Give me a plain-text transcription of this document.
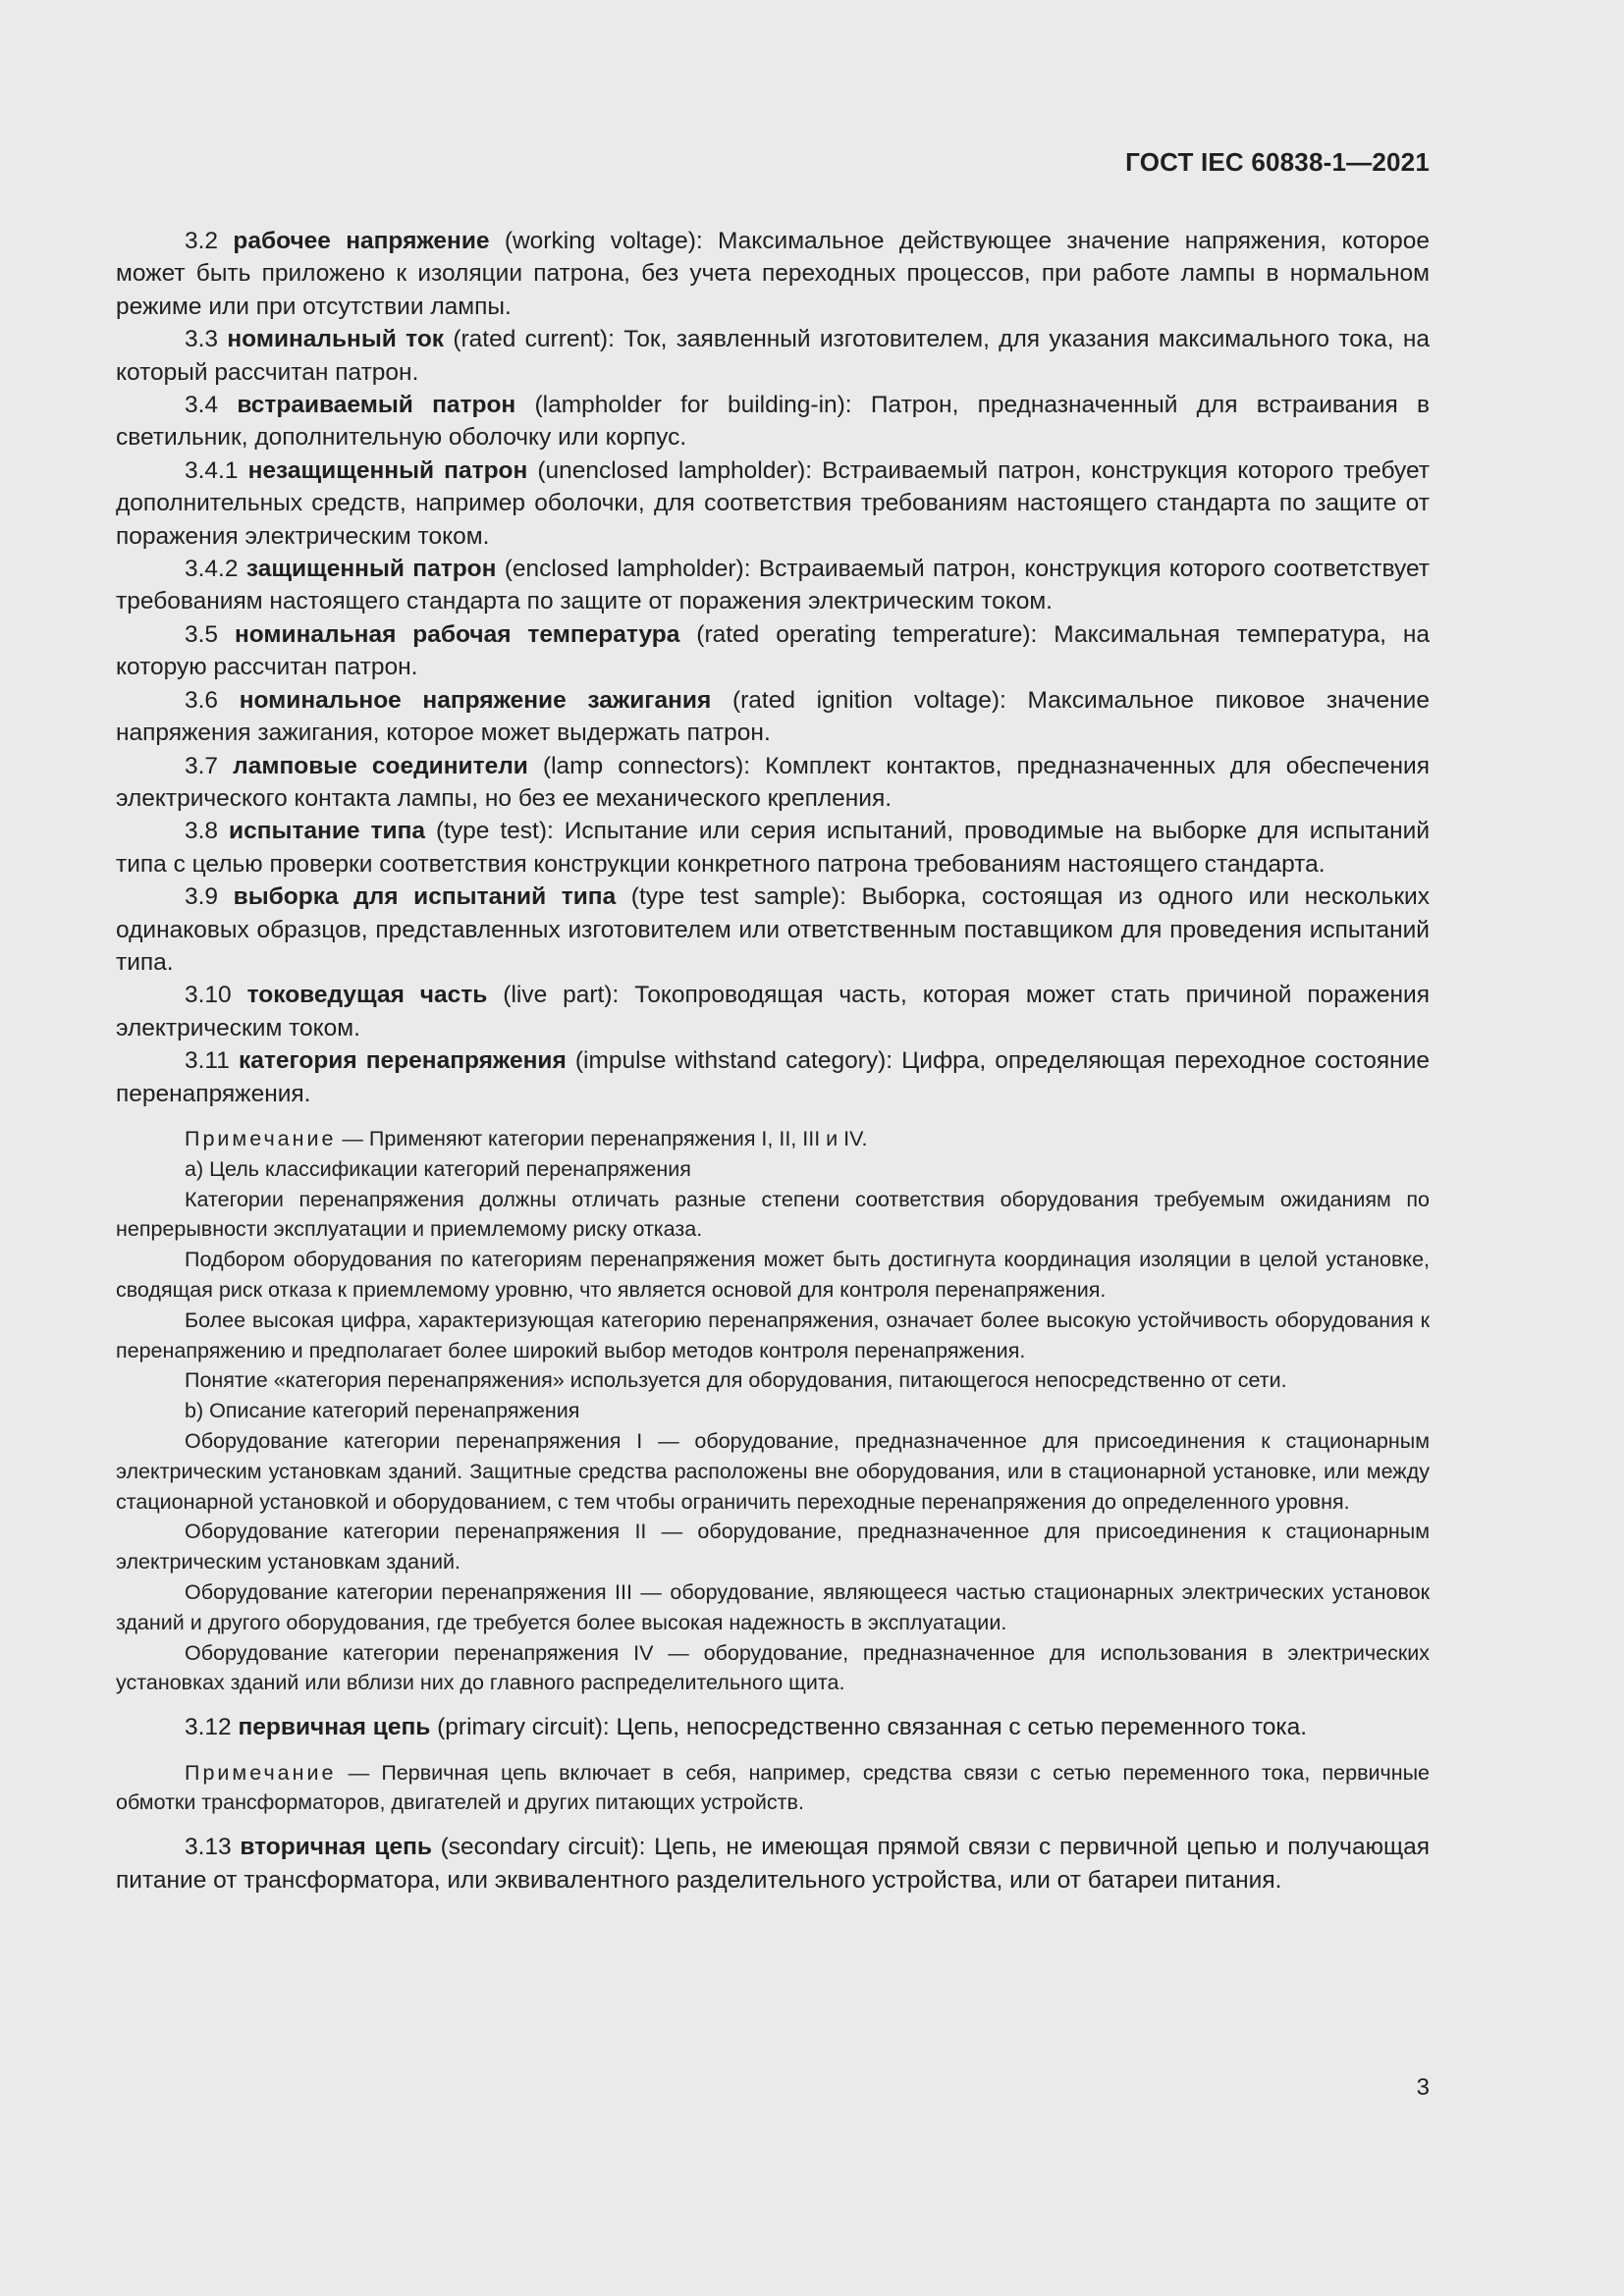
ГОСТ IEC 60838-1—2021

3.2 рабочее напряжение (working voltage): Максимальное действующее значение напряжения, которое может быть приложено к изоляции патрона, без учета переходных процессов, при работе лампы в нормальном режиме или при отсутствии лампы.

3.3 номинальный ток (rated current): Ток, заявленный изготовителем, для указания максимального тока, на который рассчитан патрон.

3.4 встраиваемый патрон (lampholder for building-in): Патрон, предназначенный для встраивания в светильник, дополнительную оболочку или корпус.

3.4.1 незащищенный патрон (unenclosed lampholder): Встраиваемый патрон, конструкция которого требует дополнительных средств, например оболочки, для соответствия требованиям настоящего стандарта по защите от поражения электрическим током.

3.4.2 защищенный патрон (enclosed lampholder): Встраиваемый патрон, конструкция которого соответствует требованиям настоящего стандарта по защите от поражения электрическим током.

3.5 номинальная рабочая температура (rated operating temperature): Максимальная температура, на которую рассчитан патрон.

3.6 номинальное напряжение зажигания (rated ignition voltage): Максимальное пиковое значение напряжения зажигания, которое может выдержать патрон.

3.7 ламповые соединители (lamp connectors): Комплект контактов, предназначенных для обеспечения электрического контакта лампы, но без ее механического крепления.

3.8 испытание типа (type test): Испытание или серия испытаний, проводимые на выборке для испытаний типа с целью проверки соответствия конструкции конкретного патрона требованиям настоящего стандарта.

3.9 выборка для испытаний типа (type test sample): Выборка, состоящая из одного или нескольких одинаковых образцов, представленных изготовителем или ответственным поставщиком для проведения испытаний типа.

3.10 токоведущая часть (live part): Токопроводящая часть, которая может стать причиной поражения электрическим током.

3.11 категория перенапряжения (impulse withstand category): Цифра, определяющая переходное состояние перенапряжения.

Примечание — Применяют категории перенапряжения I, II, III и IV.

a) Цель классификации категорий перенапряжения

Категории перенапряжения должны отличать разные степени соответствия оборудования требуемым ожиданиям по непрерывности эксплуатации и приемлемому риску отказа.

Подбором оборудования по категориям перенапряжения может быть достигнута координация изоляции в целой установке, сводящая риск отказа к приемлемому уровню, что является основой для контроля перенапряжения.

Более высокая цифра, характеризующая категорию перенапряжения, означает более высокую устойчивость оборудования к перенапряжению и предполагает более широкий выбор методов контроля перенапряжения.

Понятие «категория перенапряжения» используется для оборудования, питающегося непосредственно от сети.

b) Описание категорий перенапряжения

Оборудование категории перенапряжения I — оборудование, предназначенное для присоединения к стационарным электрическим установкам зданий. Защитные средства расположены вне оборудования, или в стационарной установке, или между стационарной установкой и оборудованием, с тем чтобы ограничить переходные перенапряжения до определенного уровня.

Оборудование категории перенапряжения II — оборудование, предназначенное для присоединения к стационарным электрическим установкам зданий.

Оборудование категории перенапряжения III — оборудование, являющееся частью стационарных электрических установок зданий и другого оборудования, где требуется более высокая надежность в эксплуатации.

Оборудование категории перенапряжения IV — оборудование, предназначенное для использования в электрических установках зданий или вблизи них до главного распределительного щита.

3.12 первичная цепь (primary circuit): Цепь, непосредственно связанная с сетью переменного тока.

Примечание — Первичная цепь включает в себя, например, средства связи с сетью переменного тока, первичные обмотки трансформаторов, двигателей и других питающих устройств.

3.13 вторичная цепь (secondary circuit): Цепь, не имеющая прямой связи с первичной цепью и получающая питание от трансформатора, или эквивалентного разделительного устройства, или от батареи питания.

3
